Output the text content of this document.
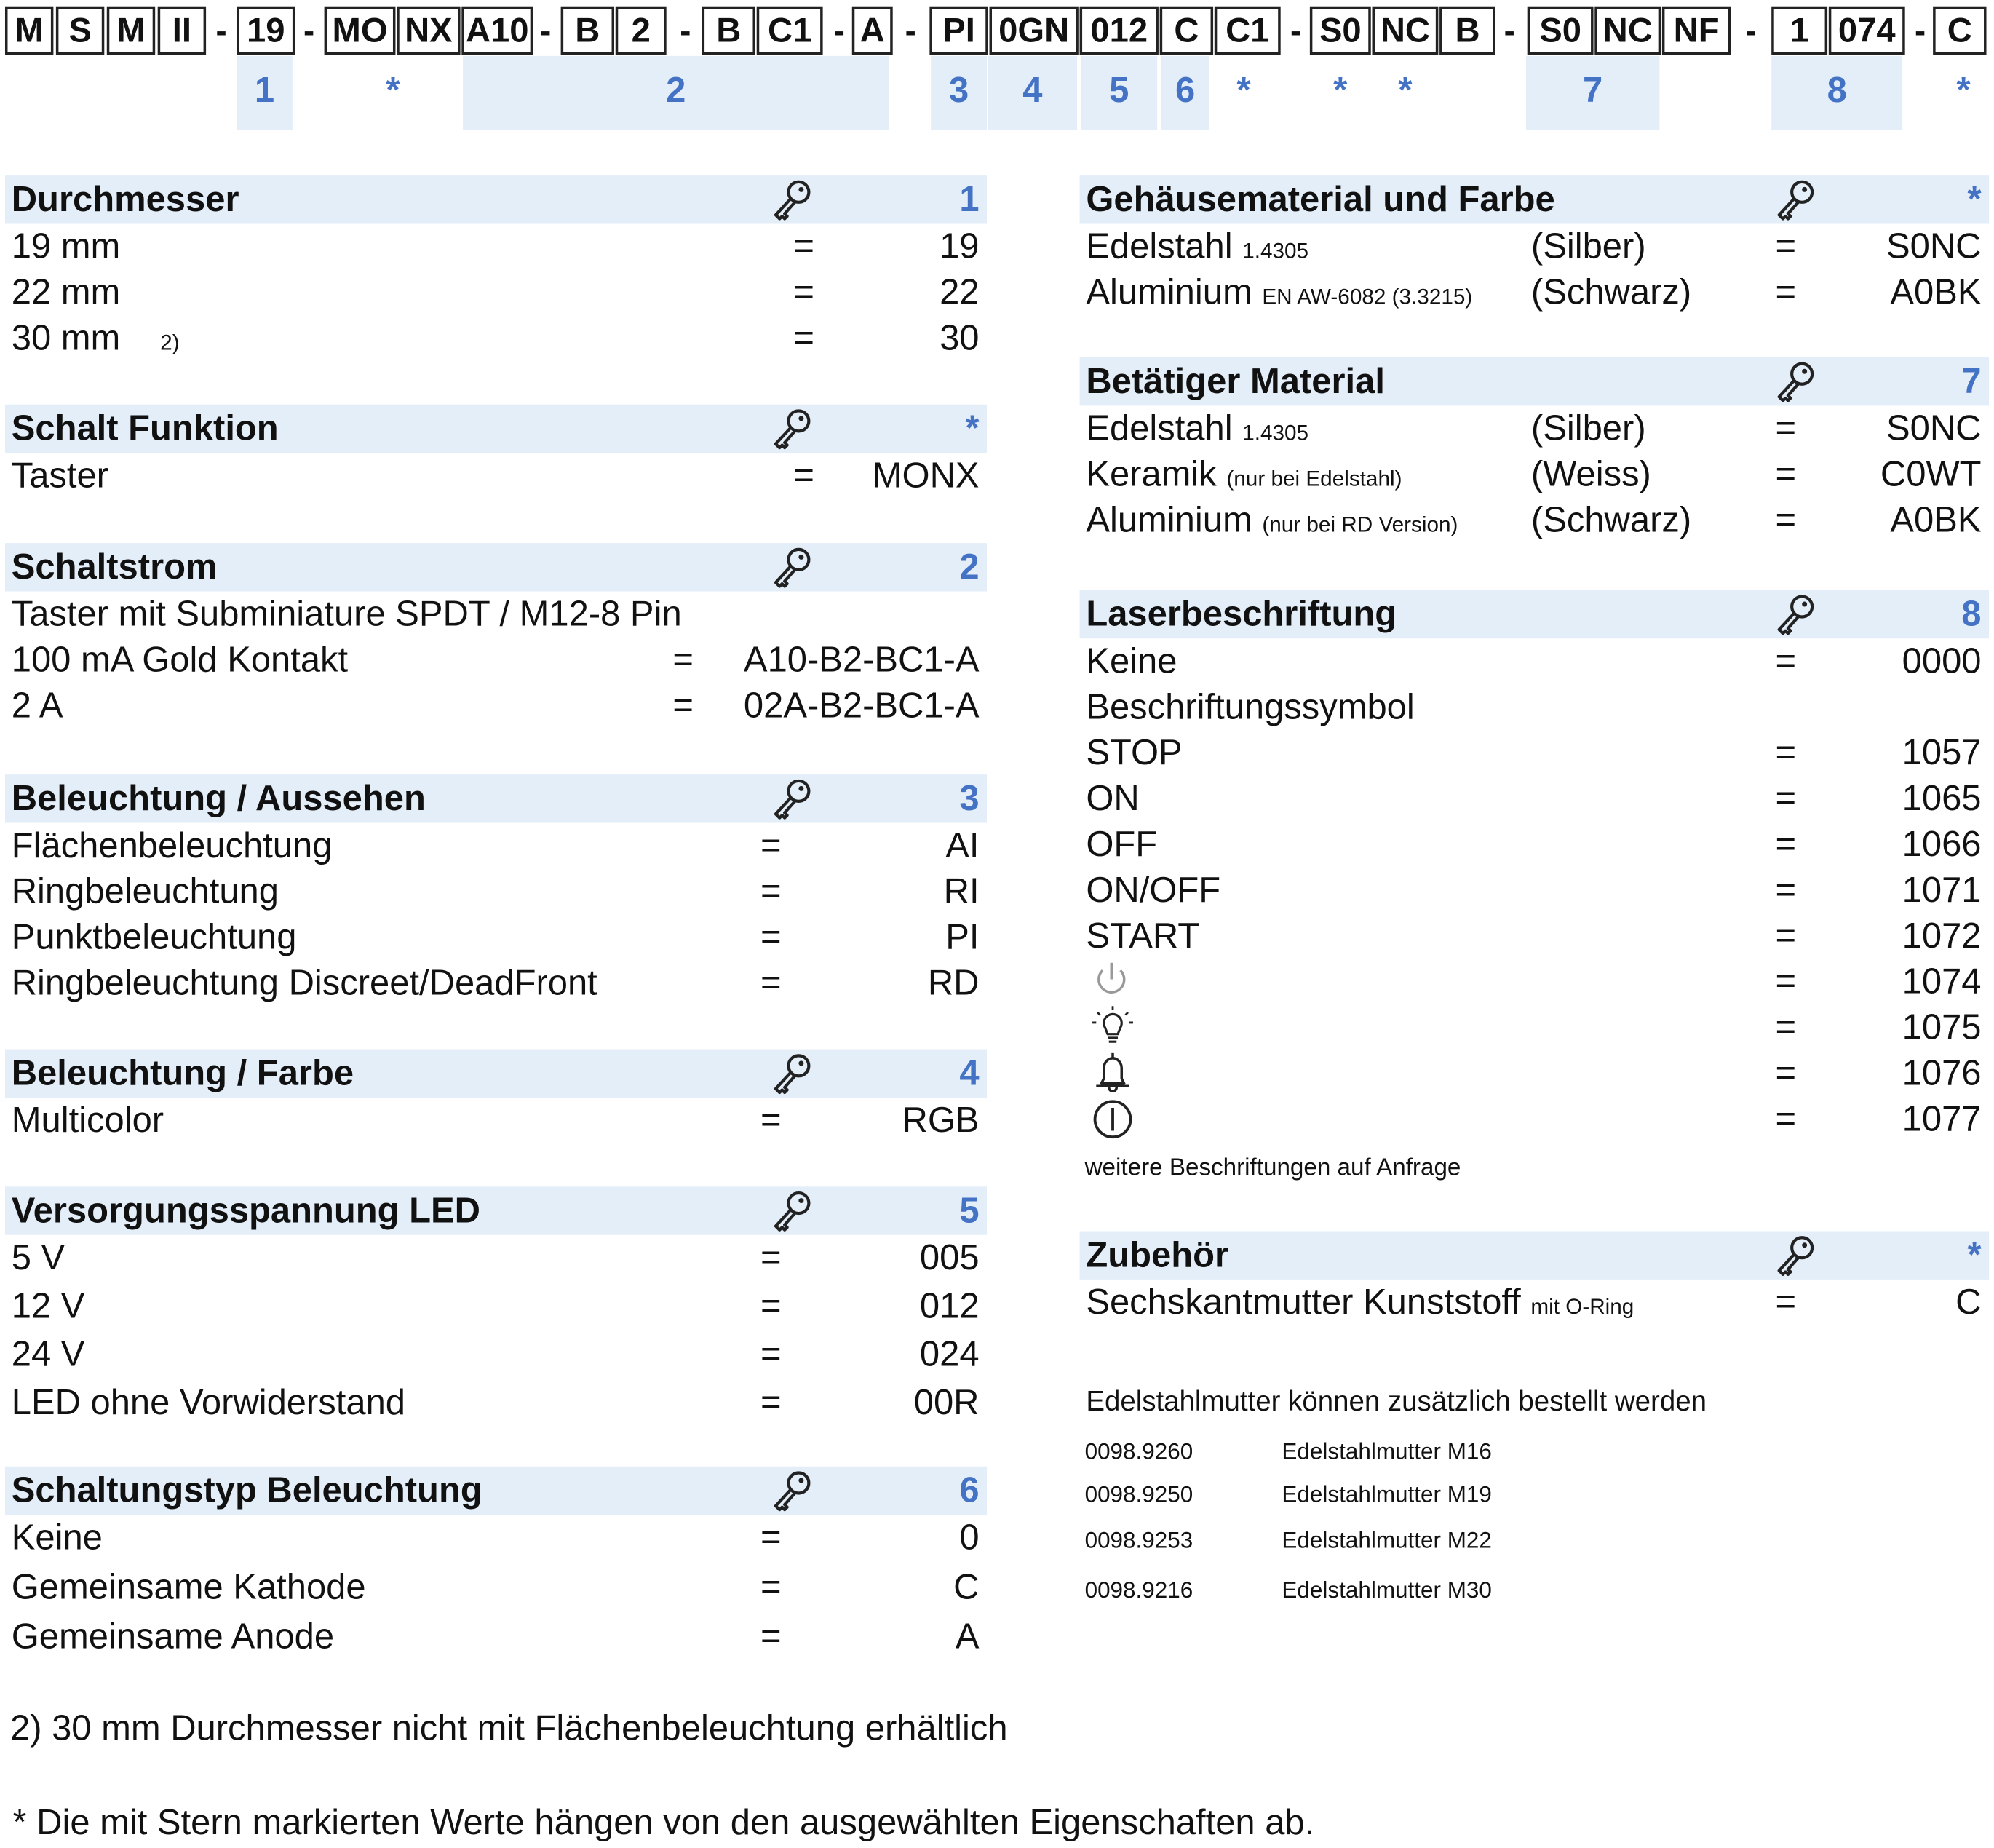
M	S	M	II	-	19 - MO NX A10 -	B	2	-	B	C1	- A	-	PI	0GN	012	C	C1	- S0 NC	B	-	S0	NC	NF	-	1	074	-	C
1	*	2	3	4	5	6	*	*	*	7	8	*
Durchmesser	1
19 mm	=	19
22 mm	=	22
30 mm	2)	=	30
Schalt Funktion	*
Taster	=	MONX
Schaltstrom	2
Taster mit Subminiature SPDT / M12-8 Pin
100 mA Gold Kontakt	= A10-B2-BC1-A
2 A	= 02A-B2-BC1-A
Beleuchtung / Aussehen	3
Flächenbeleuchtung	=	AI
Ringbeleuchtung	=	RI
Punktbeleuchtung	=	PI
Ringbeleuchtung Discreet/DeadFront	=	RD
Beleuchtung / Farbe	4
Multicolor	=	RGB
Versorgungsspannung LED	5
5 V	=	005
12 V	=	012
24 V	=	024
LED ohne Vorwiderstand	=	00R
Schaltungstyp Beleuchtung	6
Keine	=	0
Gemeinsame Kathode	=	C
Gemeinsame Anode	=	A
Gehäusematerial und Farbe	*
Edelstahl 1.4305	(Silber)	=	S0NC
Aluminium EN AW-6082 (3.3215)	(Schwarz)	=	A0BK
Betätiger Material	7
Edelstahl 1.4305	(Silber)	=	S0NC
Keramik (nur bei Edelstahl)	(Weiss)	=	C0WT
Aluminium (nur bei RD Version)	(Schwarz)	=	A0BK
Laserbeschriftung	8
Keine	=	0000
Beschriftungssymbol
STOP	=	1057
ON	=	1065
OFF	=	1066
ON/OFF	=	1071
START	=	1072
=	1074
=	1075
=	1076
=	1077
weitere Beschriftungen auf Anfrage
Zubehör	*
Sechskantmutter Kunststoff mit O-Ring	=	C
Edelstahlmutter können zusätzlich bestellt werden
0098.9260	Edelstahlmutter M16
0098.9250	Edelstahlmutter M19
0098.9253	Edelstahlmutter M22
0098.9216	Edelstahlmutter M30
2) 30 mm Durchmesser nicht mit Flächenbeleuchtung erhältlich
* Die mit Stern markierten Werte hängen von den ausgewählten Eigenschaften ab.
